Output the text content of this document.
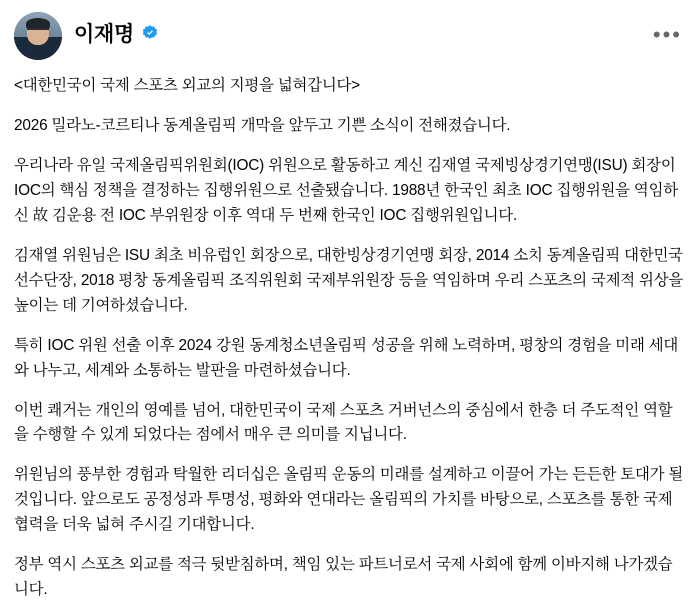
이재명	•••

<대한민국이 국제 스포츠 외교의 지평을 넓혀갑니다>

2026 밀라노-코르티나 동계올림픽 개막을 앞두고 기쁜 소식이 전해졌습니다.

우리나라 유일 국제올림픽위원회(IOC) 위원으로 활동하고 계신 김재열 국제빙상경기연맹(ISU) 회장이 IOC의 핵심 정책을 결정하는 집행위원으로 선출됐습니다. 1988년 한국인 최초 IOC 집행위원을 역임하신 故 김운용 전 IOC 부위원장 이후 역대 두 번째 한국인 IOC 집행위원입니다.

김재열 위원님은 ISU 최초 비유럽인 회장으로, 대한빙상경기연맹 회장, 2014 소치 동계올림픽 대한민국 선수단장, 2018 평창 동계올림픽 조직위원회 국제부위원장 등을 역임하며 우리 스포츠의 국제적 위상을 높이는 데 기여하셨습니다.

특히 IOC 위원 선출 이후 2024 강원 동계청소년올림픽 성공을 위해 노력하며, 평창의 경험을 미래 세대와 나누고, 세계와 소통하는 발판을 마련하셨습니다.

이번 쾌거는 개인의 영예를 넘어, 대한민국이 국제 스포츠 거버넌스의 중심에서 한층 더 주도적인 역할을 수행할 수 있게 되었다는 점에서 매우 큰 의미를 지닙니다.

위원님의 풍부한 경험과 탁월한 리더십은 올림픽 운동의 미래를 설계하고 이끌어 가는 든든한 토대가 될 것입니다. 앞으로도 공정성과 투명성, 평화와 연대라는 올림픽의 가치를 바탕으로, 스포츠를 통한 국제 협력을 더욱 넓혀 주시길 기대합니다.

정부 역시 스포츠 외교를 적극 뒷받침하며, 책임 있는 파트너로서 국제 사회에 함께 이바지해 나가겠습니다.
